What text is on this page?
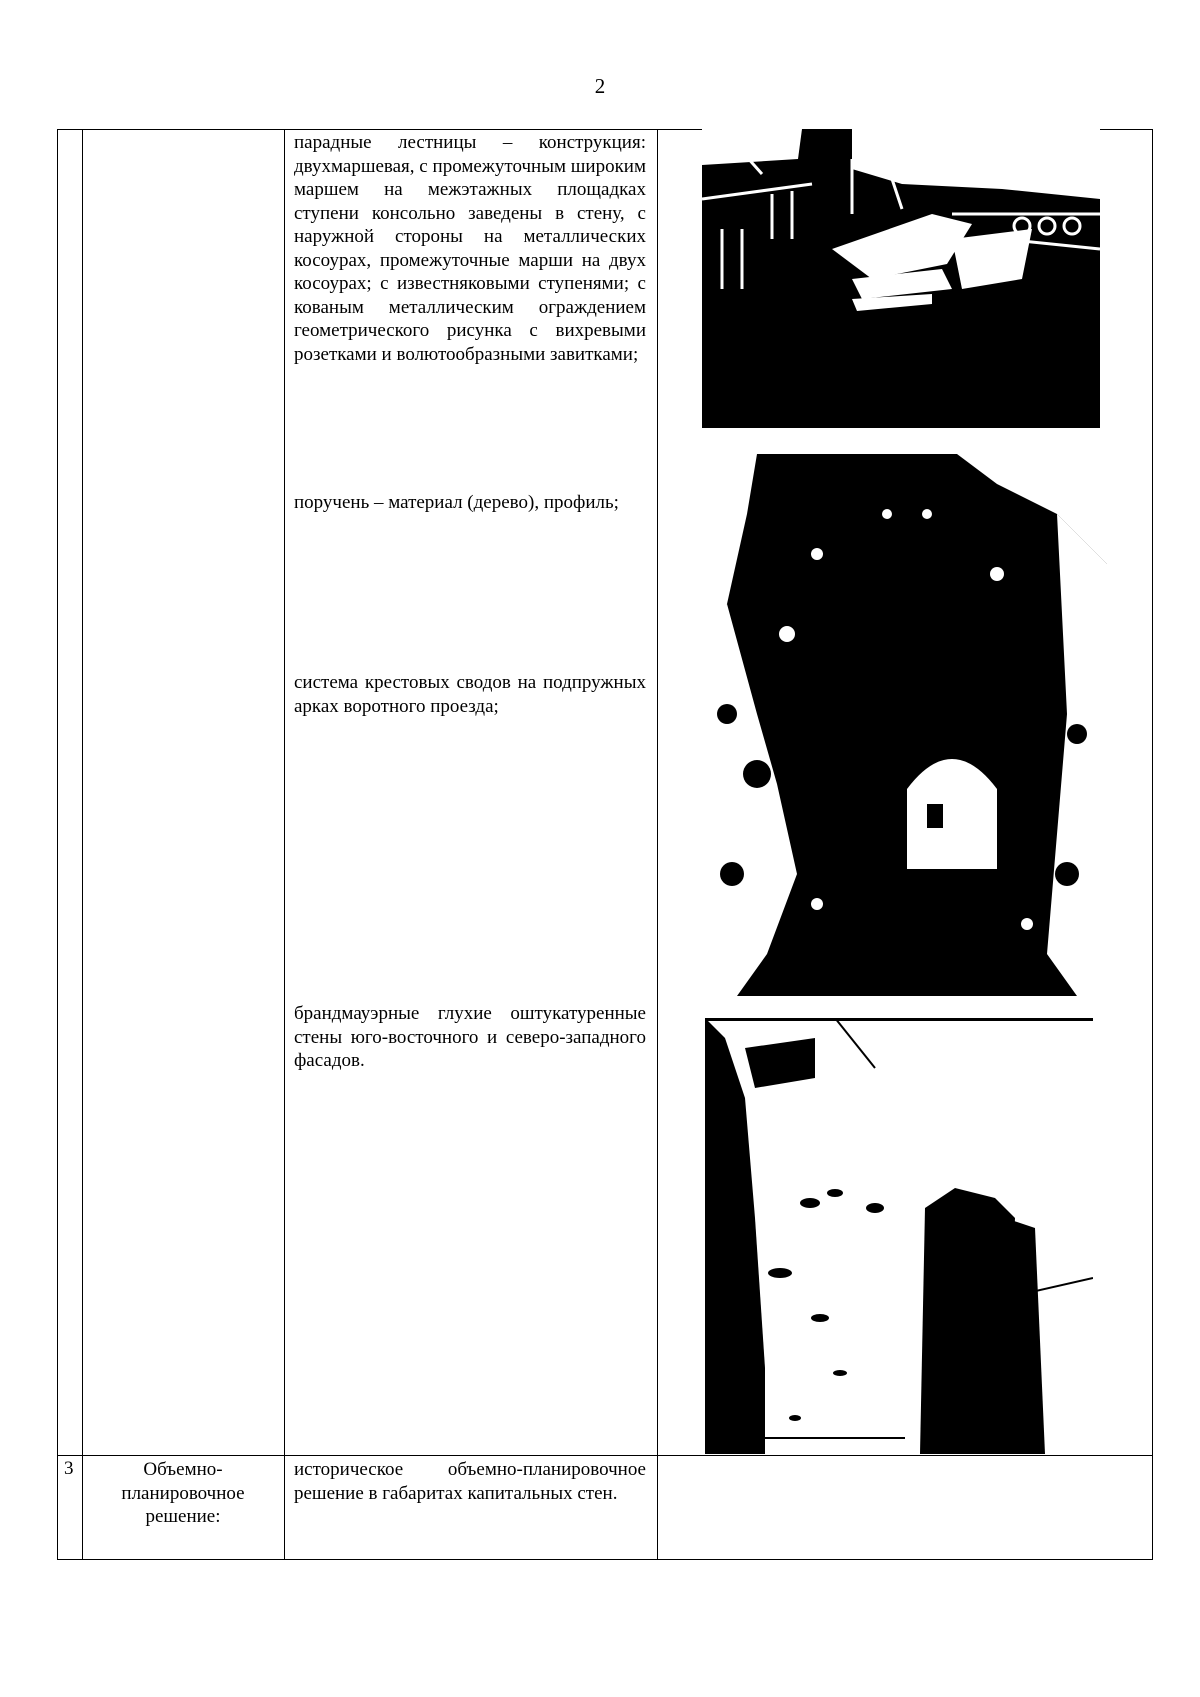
2
парадные лестницы – конструкция: двухмаршевая, с промежуточным широким маршем на межэтажных площадках ступени консольно заведены в стену, с наружной стороны на металлических косоурах, промежуточные марши на двух косоурах; с известняковыми ступенями; с кованым металлическим ограждением геометрического рисунка с вихревыми розетками и волютообразными завитками;
поручень – материал (дерево), профиль;
система крестовых сводов на подпружных арках воротного проезда;
брандмауэрные глухие оштукатуренные стены юго-восточного и северо-западного фасадов.
3	Объемно-планировочное решение:
историческое объемно-планировочное решение в габаритах капитальных стен.
